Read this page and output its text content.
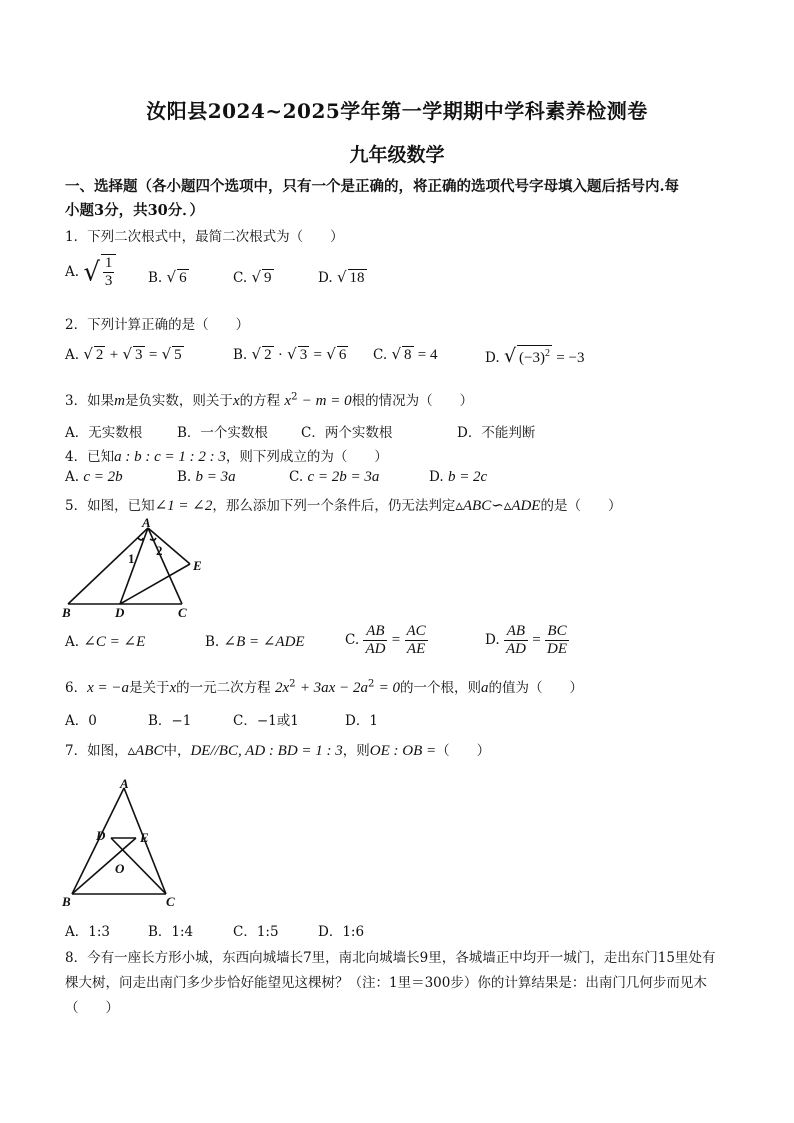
汝阳县2024~2025学年第一学期期中学科素养检测卷
九年级数学
一、选择题（各小题四个选项中，只有一个是正确的，将正确的选项代号字母填入题后括号内.每
小题3分，共30分．）
1．下列二次根式中，最简二次根式为（　　）
A. √ $\frac{1}{3} B$. √ 6	C. √ 9	D. √ 18
2．下列计算正确的是（　　）
A. √ 2 + √ 3 = √ 5	B. √ 2 · √ 3 = √ 6 C. √ 8 = 4	D. √ $(-3)^2 = -3$
3．如果m是负实数，则关于x的方程 $x^2 - m = 0$根的情况为（　　）
A．无实数根	B．一个实数根 C．两个实数根	D．不能判断
4．已知a : b : c = 1 : 2 : 3，则下列成立的为（　　）
A. c = 2b	B. b = 3a	C. c = 2b = 3a	D. b = 2c
5．如图，已知∠1 = ∠2，那么添加下列一个条件后，仍无法判定▵ABC∽▵ADE的是（　　）
A
B	C
D
E
1
2
A. ∠C = ∠E	B. ∠B = ∠ADE	C. $\frac{AB}{AD} = \frac{AC}{AE}$	D. $\frac{AB}{AD} = \frac{BC}{DE}$
6．x = −a是关于x的一元二次方程 $2x^2 + 3ax - 2a^2 = 0$的一个根，则a的值为（　　）
A．0	B．−1	C．−1或1	D．1
7．如图，▵ABC中，DE//BC, AD : BD = 1 : 3，则OE : OB =（　　）
A
B	C
D	E
O
A．1:3	B．1:4	C．1:5	D．1:6
8．今有一座长方形小城，东西向城墙长7里，南北向城墙长9里，各城墙正中均开一城门，走出东门15里处有
棵大树，问走出南门多少步恰好能望见这棵树？（注：1里＝300步）你的计算结果是：出南门几何步而见木
（　　）
